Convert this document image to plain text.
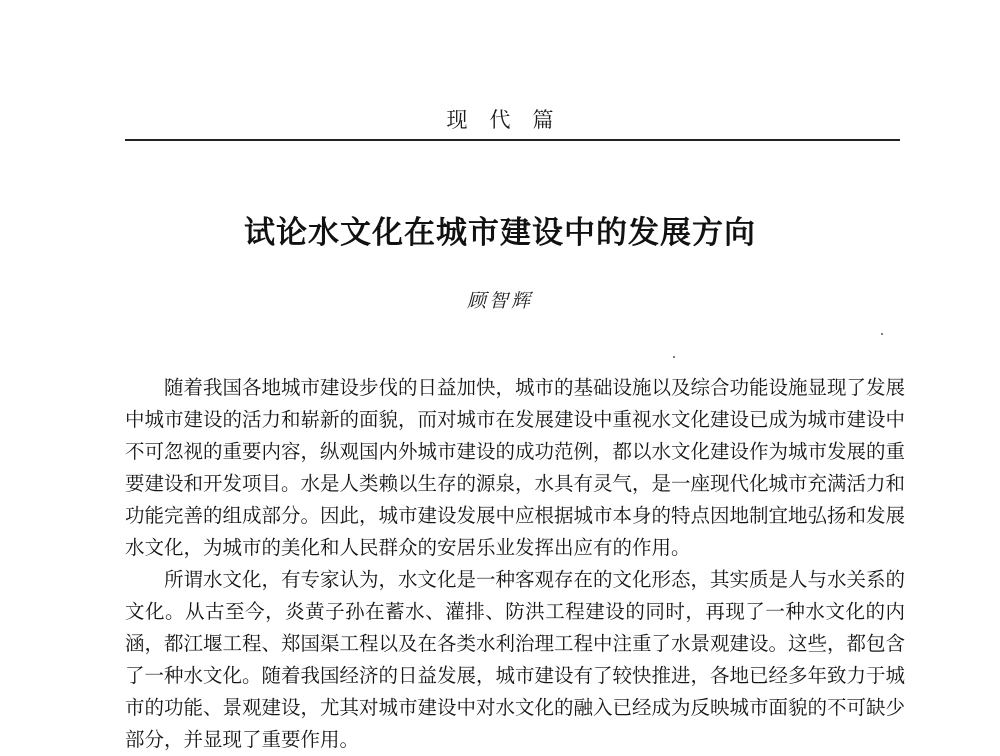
现代篇
试论水文化在城市建设中的发展方向
顾智辉

随着我国各地城市建设步伐的日益加快，城市的基础设施以及综合功能设施显现了发展中城市建设的活力和崭新的面貌，而对城市在发展建设中重视水文化建设已成为城市建设中不可忽视的重要内容，纵观国内外城市建设的成功范例，都以水文化建设作为城市发展的重要建设和开发项目。水是人类赖以生存的源泉，水具有灵气，是一座现代化城市充满活力和功能完善的组成部分。因此，城市建设发展中应根据城市本身的特点因地制宜地弘扬和发展水文化，为城市的美化和人民群众的安居乐业发挥出应有的作用。

所谓水文化，有专家认为，水文化是一种客观存在的文化形态，其实质是人与水关系的文化。从古至今，炎黄子孙在蓄水、灌排、防洪工程建设的同时，再现了一种水文化的内涵，都江堰工程、郑国渠工程以及在各类水利治理工程中注重了水景观建设。这些，都包含了一种水文化。随着我国经济的日益发展，城市建设有了较快推进，各地已经多年致力于城市的功能、景观建设，尤其对城市建设中对水文化的融入已经成为反映城市面貌的不可缺少部分，并显现了重要作用。
